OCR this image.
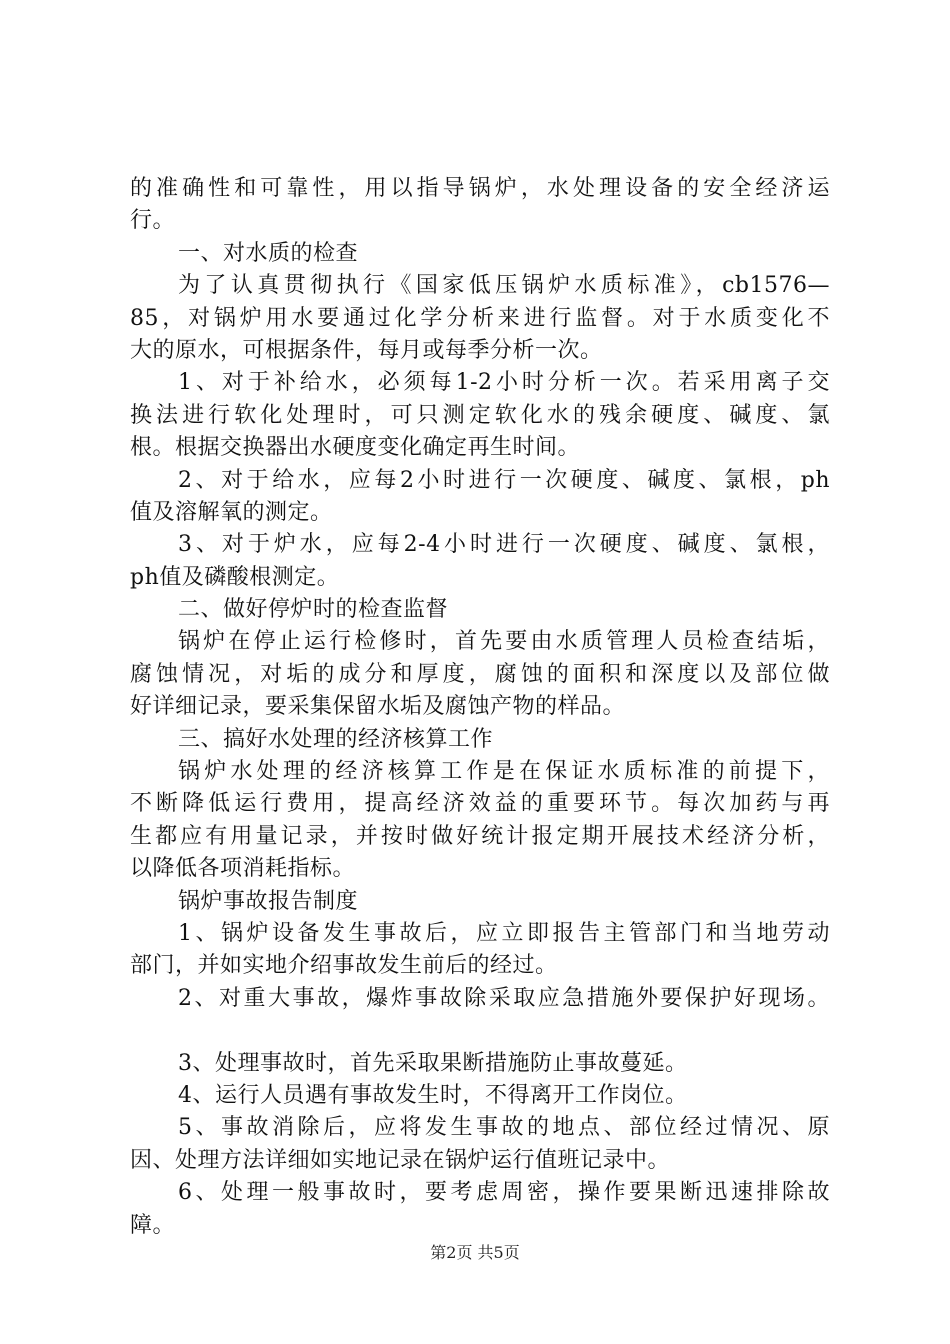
的准确性和可靠性，用以指导锅炉，水处理设备的安全经济运
行。
一、对水质的检查
为了认真贯彻执行《国家低压锅炉水质标准》，cb1576—
85，对锅炉用水要通过化学分析来进行监督。对于水质变化不
大的原水，可根据条件，每月或每季分析一次。
1、对于补给水，必须每1-2小时分析一次。若采用离子交
换法进行软化处理时，可只测定软化水的残余硬度、碱度、氯
根。根据交换器出水硬度变化确定再生时间。
2、对于给水，应每2小时进行一次硬度、碱度、氯根，ph
值及溶解氧的测定。
3、对于炉水，应每2-4小时进行一次硬度、碱度、氯根，
ph值及磷酸根测定。
二、做好停炉时的检查监督
锅炉在停止运行检修时，首先要由水质管理人员检查结垢，
腐蚀情况，对垢的成分和厚度，腐蚀的面积和深度以及部位做
好详细记录，要采集保留水垢及腐蚀产物的样品。
三、搞好水处理的经济核算工作
锅炉水处理的经济核算工作是在保证水质标准的前提下，
不断降低运行费用，提高经济效益的重要环节。每次加药与再
生都应有用量记录，并按时做好统计报定期开展技术经济分析，
以降低各项消耗指标。
锅炉事故报告制度
1、锅炉设备发生事故后，应立即报告主管部门和当地劳动
部门，并如实地介绍事故发生前后的经过。
2、对重大事故，爆炸事故除采取应急措施外要保护好现场。
3、处理事故时，首先采取果断措施防止事故蔓延。
4、运行人员遇有事故发生时，不得离开工作岗位。
5、事故消除后，应将发生事故的地点、部位经过情况、原
因、处理方法详细如实地记录在锅炉运行值班记录中。
6、处理一般事故时，要考虑周密，操作要果断迅速排除故
障。
第2页 共5页
